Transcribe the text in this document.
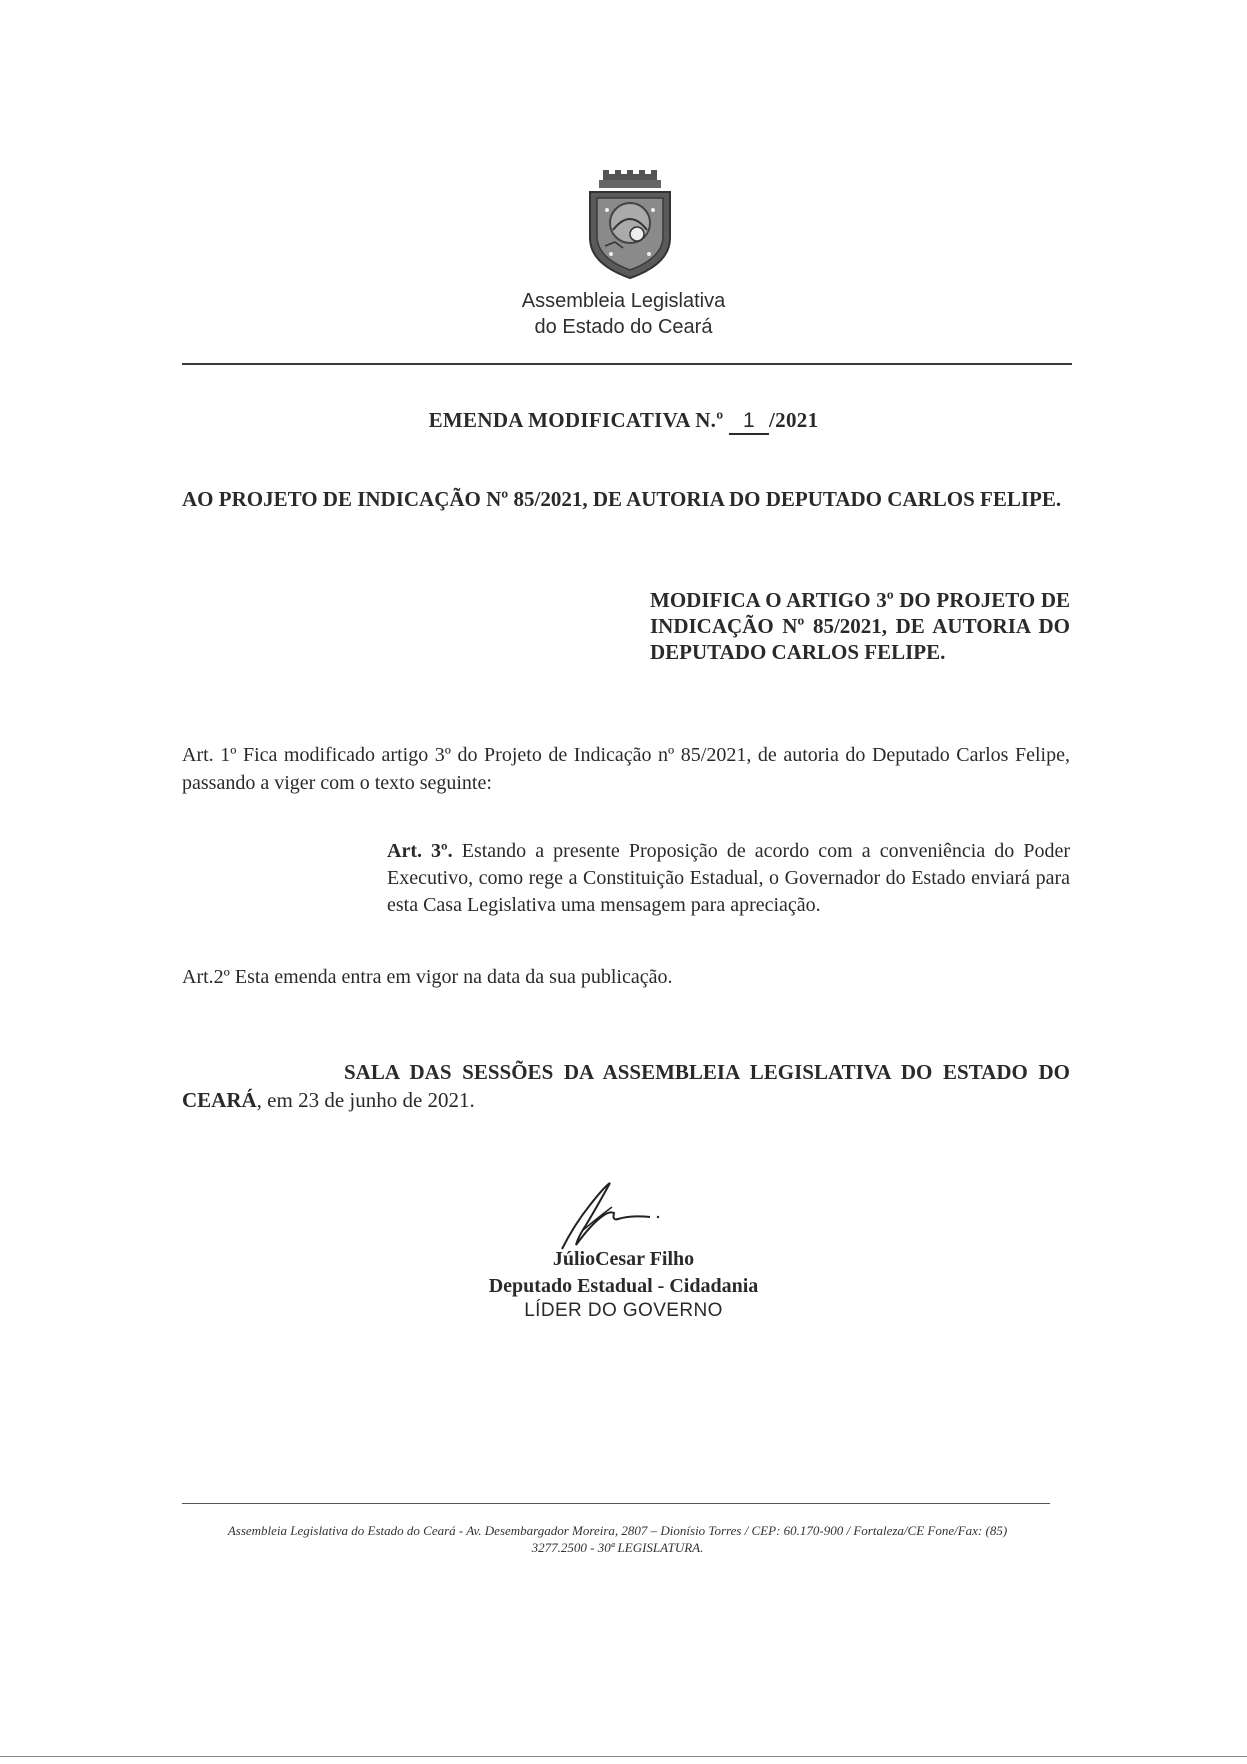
Assembleia Legislativa
do Estado do Ceará
EMENDA MODIFICATIVA N.º 1 /2021
AO PROJETO DE INDICAÇÃO Nº 85/2021, DE AUTORIA DO DEPUTADO CARLOS FELIPE.
MODIFICA O ARTIGO 3º DO PROJETO DE INDICAÇÃO Nº 85/2021, DE AUTORIA DO DEPUTADO CARLOS FELIPE.
Art. 1º Fica modificado artigo 3º do Projeto de Indicação nº 85/2021, de autoria do Deputado Carlos Felipe, passando a viger com o texto seguinte:
Art. 3º. Estando a presente Proposição de acordo com a conveniência do Poder Executivo, como rege a Constituição Estadual, o Governador do Estado enviará para esta Casa Legislativa uma mensagem para apreciação.
Art.2º Esta emenda entra em vigor na data da sua publicação.
SALA DAS SESSÕES DA ASSEMBLEIA LEGISLATIVA DO ESTADO DO CEARÁ, em 23 de junho de 2021.
JúlioCesar Filho
Deputado Estadual - Cidadania
LÍDER DO GOVERNO
Assembleia Legislativa do Estado do Ceará - Av. Desembargador Moreira, 2807 – Dionísio Torres / CEP: 60.170-900 / Fortaleza/CE Fone/Fax: (85)
3277.2500 - 30ª LEGISLATURA.
